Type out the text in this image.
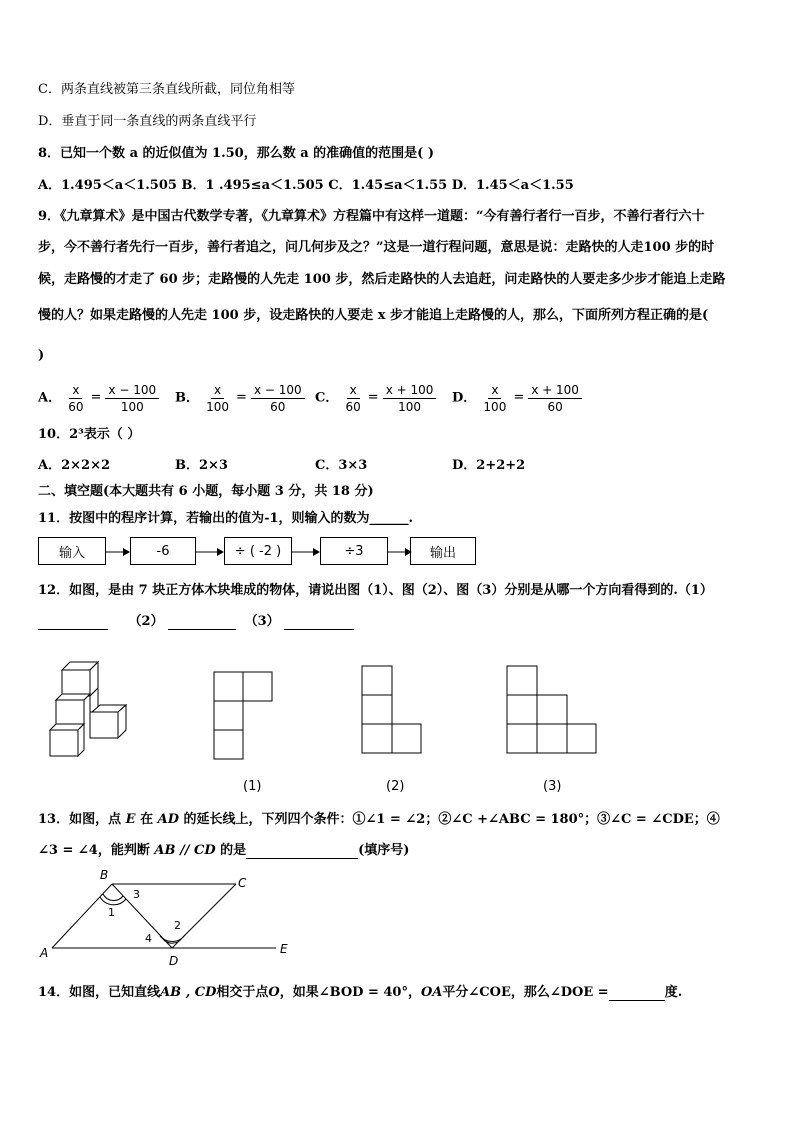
C．两条直线被第三条直线所截，同位角相等
D．垂直于同一条直线的两条直线平行
8．已知一个数 a 的近似值为 1.50，那么数 a 的准确值的范围是( )
A．1.495＜a＜1.505 B．1 .495≤a＜1.505 C．1.45≤a＜1.55 D．1.45＜a＜1.55
9．《九章算术》是中国古代数学专著，《九章算术》方程篇中有这样一道题：“今有善行者行一百步，不善行者行六十
步，今不善行者先行一百步，善行者追之，问几何步及之？”这是一道行程问题，意思是说：走路快的人走100 步的时
候，走路慢的才走了 60 步；走路慢的人先走 100 步，然后走路快的人去追赶，问走路快的人要走多少步才能追上走路
慢的人？如果走路慢的人先走 100 步，设走路快的人要走 x 步才能追上走路慢的人，那么，下面所列方程正确的是(
)
A． $\frac{x}{60} = \frac{x - 100}{100}$ B． $\frac{x}{100} = \frac{x - 100}{60}$ C． $\frac{x}{60} = \frac{x + 100}{100}$ D． $\frac{x}{100} = \frac{x + 100}{60}$
10．2³表示（ ）
A．2×2×2	B．2×3	C．3×3	D．2+2+2
二、填空题(本大题共有 6 小题，每小题 3 分，共 18 分)
11．按图中的程序计算，若输出的值为-1，则输入的数为______.
输入	-6	÷ ( -2 )	÷3	输出
12．如图，是由 7 块正方体木块堆成的物体，请说出图（1）、图（2）、图（3）分别是从哪一个方向看得到的.（1）
（2）	（3）
(1)	(2)	(3)
13．如图，点 E 在 AD 的延长线上，下列四个条件：①∠1 = ∠2；②∠C +∠ABC = 180°；③∠C = ∠CDE；④
∠3 = ∠4，能判断 AB // CD 的是	(填序号)
A
B
C
D
E
1
2
3
4
14．如图，已知直线AB , CD相交于点O，如果∠BOD = 40°，OA平分∠COE，那么∠DOE =	度.
